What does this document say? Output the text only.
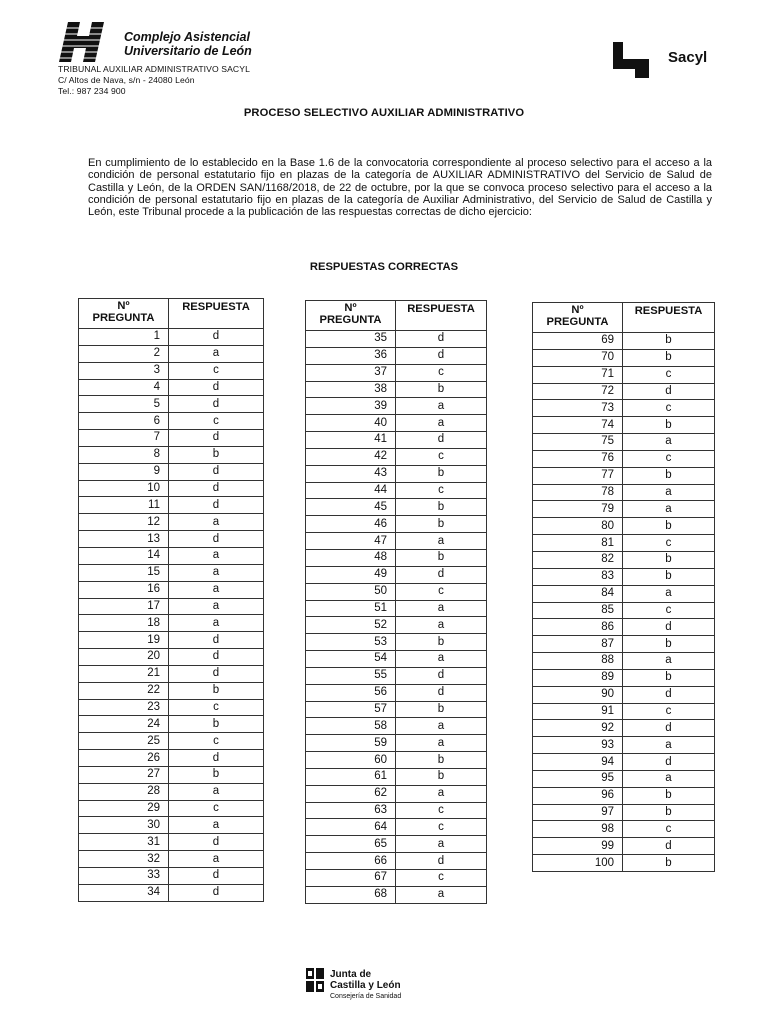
Complejo Asistencial
Universitario de León
TRIBUNAL AUXILIAR ADMINISTRATIVO SACYL
C/ Altos de Nava, s/n - 24080 León
Tel.: 987 234 900
Sacyl
PROCESO SELECTIVO AUXILIAR ADMINISTRATIVO

En cumplimiento de lo establecido en la Base 1.6 de la convocatoria correspondiente al proceso selectivo para el acceso a la condición de personal estatutario fijo en plazas de la categoría de AUXILIAR ADMINISTRATIVO del Servicio de Salud de Castilla y León, de la ORDEN SAN/1168/2018, de 22 de octubre, por la que se convoca proceso selectivo para el acceso a la condición de personal estatutario fijo en plazas de la categoría de Auxiliar Administrativo, del Servicio de Salud de Castilla y León, este Tribunal procede a la publicación de las respuestas correctas de dicho ejercicio:

RESPUESTAS CORRECTAS
Nº
PREGUNTA	RESPUESTA
1	d
2	a
3	c
4	d
5	d
6	c
7	d
8	b
9	d
10	d
11	d
12	a
13	d
14	a
15	a
16	a
17	a
18	a
19	d
20	d
21	d
22	b
23	c
24	b
25	c
26	d
27	b
28	a
29	c
30	a
31	d
32	a
33	d
34	d
Nº
PREGUNTA	RESPUESTA
35	d
36	d
37	c
38	b
39	a
40	a
41	d
42	c
43	b
44	c
45	b
46	b
47	a
48	b
49	d
50	c
51	a
52	a
53	b
54	a
55	d
56	d
57	b
58	a
59	a
60	b
61	b
62	a
63	c
64	c
65	a
66	d
67	c
68	a
Nº
PREGUNTA	RESPUESTA
69	b
70	b
71	c
72	d
73	c
74	b
75	a
76	c
77	b
78	a
79	a
80	b
81	c
82	b
83	b
84	a
85	c
86	d
87	b
88	a
89	b
90	d
91	c
92	d
93	a
94	d
95	a
96	b
97	b
98	c
99	d
100	b
Junta de
Castilla y León
Consejería de Sanidad
